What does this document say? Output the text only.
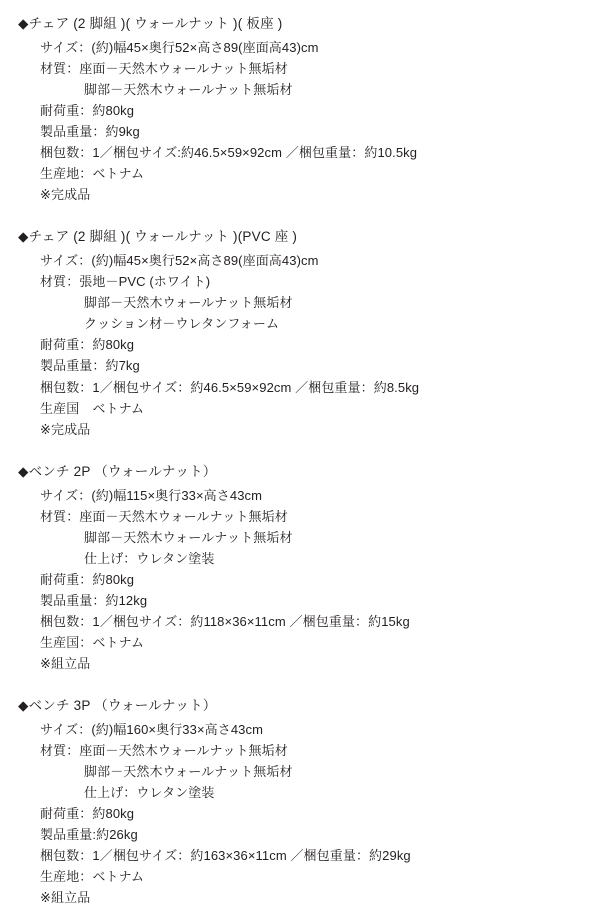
◆チェア (2 脚組 )( ウォールナット )( 板座 )

サイズ：(約)幅45×奥行52×高さ89(座面高43)cm

材質：座面－天然木ウォールナット無垢材

脚部－天然木ウォールナット無垢材

耐荷重：約80kg

製品重量：約9kg

梱包数：1／梱包サイズ:約46.5×59×92cm ／梱包重量：約10.5kg

生産地：ベトナム

※完成品

◆チェア (2 脚組 )( ウォールナット )(PVC 座 )

サイズ：(約)幅45×奥行52×高さ89(座面高43)cm

材質：張地－PVC (ホワイト)

脚部－天然木ウォールナット無垢材

クッション材－ウレタンフォーム

耐荷重：約80kg

製品重量：約7kg

梱包数：1／梱包サイズ：約46.5×59×92cm ／梱包重量：約8.5kg

生産国　ベトナム

※完成品

◆ベンチ 2P （ウォールナット）

サイズ：(約)幅115×奥行33×高さ43cm

材質：座面－天然木ウォールナット無垢材

脚部－天然木ウォールナット無垢材

仕上げ：ウレタン塗装

耐荷重：約80kg

製品重量：約12kg

梱包数：1／梱包サイズ：約118×36×11cm ／梱包重量：約15kg

生産国：ベトナム

※組立品

◆ベンチ 3P （ウォールナット）

サイズ：(約)幅160×奥行33×高さ43cm

材質：座面－天然木ウォールナット無垢材

脚部－天然木ウォールナット無垢材

仕上げ：ウレタン塗装

耐荷重：約80kg

製品重量:約26kg

梱包数：1／梱包サイズ：約163×36×11cm ／梱包重量：約29kg

生産地：ベトナム

※組立品
